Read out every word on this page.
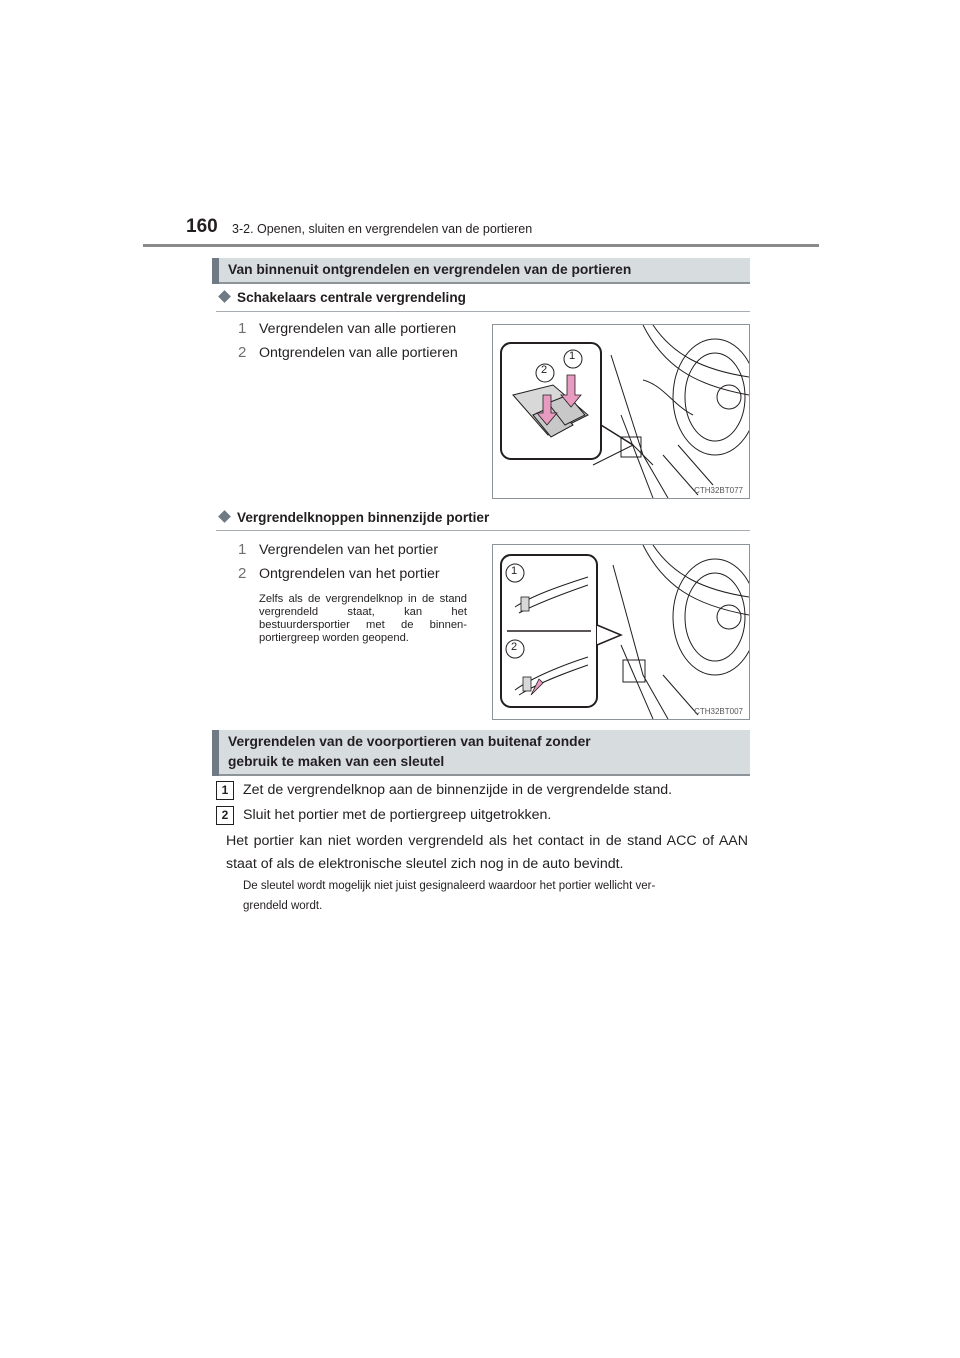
160 3-2. Openen, sluiten en vergrendelen van de portieren
Van binnenuit ontgrendelen en vergrendelen van de portieren
Schakelaars centrale vergrendeling
1 Vergrendelen van alle portieren
2 Ontgrendelen van alle portieren
2
1
CTH32BT077
Vergrendelknoppen binnenzijde portier
1 Vergrendelen van het portier
2 Ontgrendelen van het portier
Zelfs als de vergrendelknop in de stand vergrendeld staat, kan het bestuurdersportier met de binnen-portiergreep worden geopend.
1
2
CTH32BT007
Vergrendelen van de voorportieren van buitenaf zonder
gebruik te maken van een sleutel
1	Zet de vergrendelknop aan de binnenzijde in de vergrendelde stand.
2	Sluit het portier met de portiergreep uitgetrokken.
Het portier kan niet worden vergrendeld als het contact in de stand ACC of AAN staat of als de elektronische sleutel zich nog in de auto bevindt.
De sleutel wordt mogelijk niet juist gesignaleerd waardoor het portier wellicht ver-
grendeld wordt.
